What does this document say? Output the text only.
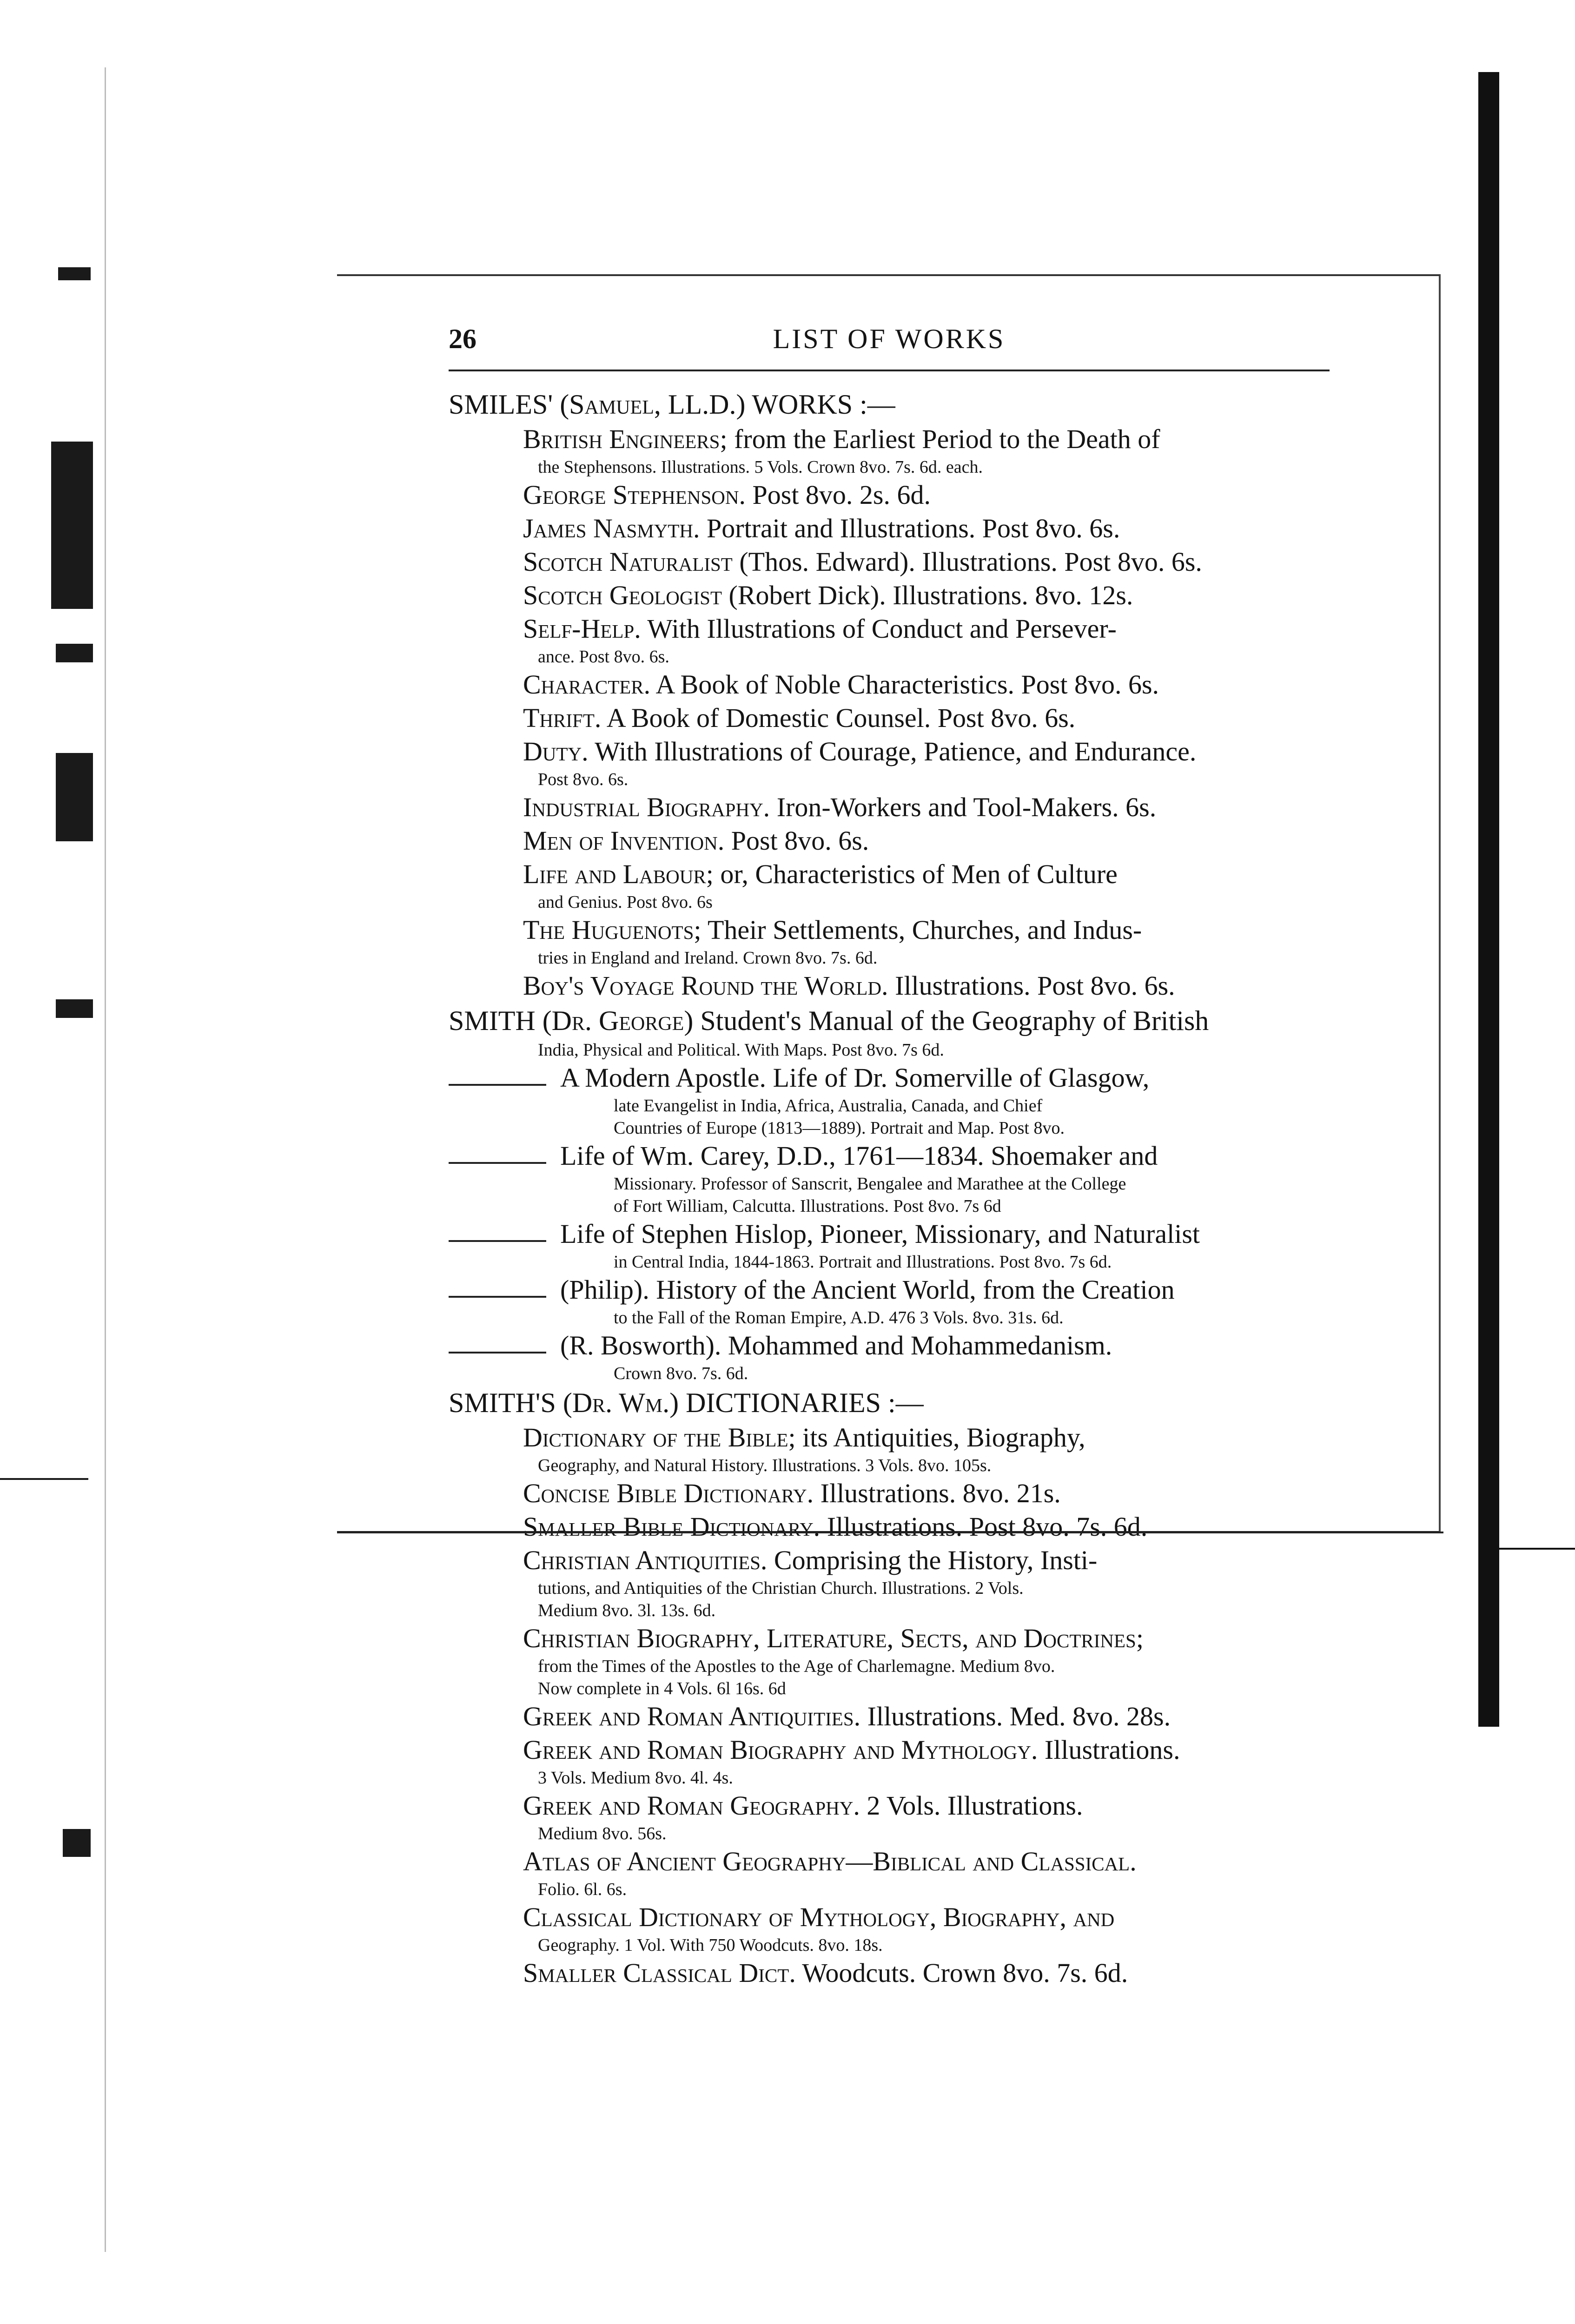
26	LIST OF WORKS
SMILES' (Samuel, LL.D.) WORKS :—
British Engineers; from the Earliest Period to the Death of
the Stephensons. Illustrations. 5 Vols. Crown 8vo. 7s. 6d. each.
George Stephenson. Post 8vo. 2s. 6d.
James Nasmyth. Portrait and Illustrations. Post 8vo. 6s.
Scotch Naturalist (Thos. Edward). Illustrations. Post 8vo. 6s.
Scotch Geologist (Robert Dick). Illustrations. 8vo. 12s.
Self-Help. With Illustrations of Conduct and Persever-
ance. Post 8vo. 6s.
Character. A Book of Noble Characteristics. Post 8vo. 6s.
Thrift. A Book of Domestic Counsel. Post 8vo. 6s.
Duty. With Illustrations of Courage, Patience, and Endurance.
Post 8vo. 6s.
Industrial Biography. Iron-Workers and Tool-Makers. 6s.
Men of Invention. Post 8vo. 6s.
Life and Labour; or, Characteristics of Men of Culture
and Genius. Post 8vo. 6s
The Huguenots; Their Settlements, Churches, and Indus-
tries in England and Ireland. Crown 8vo. 7s. 6d.
Boy's Voyage Round the World. Illustrations. Post 8vo. 6s.
SMITH (Dr. George) Student's Manual of the Geography of British
India, Physical and Political. With Maps. Post 8vo. 7s 6d.
A Modern Apostle. Life of Dr. Somerville of Glasgow,
late Evangelist in India, Africa, Australia, Canada, and Chief
Countries of Europe (1813—1889). Portrait and Map. Post 8vo.
Life of Wm. Carey, D.D., 1761—1834. Shoemaker and
Missionary. Professor of Sanscrit, Bengalee and Marathee at the College
of Fort William, Calcutta. Illustrations. Post 8vo. 7s 6d
Life of Stephen Hislop, Pioneer, Missionary, and Naturalist
in Central India, 1844-1863. Portrait and Illustrations. Post 8vo. 7s 6d.
(Philip). History of the Ancient World, from the Creation
to the Fall of the Roman Empire, A.D. 476 3 Vols. 8vo. 31s. 6d.
(R. Bosworth). Mohammed and Mohammedanism.
Crown 8vo. 7s. 6d.
SMITH'S (Dr. Wm.) DICTIONARIES :—
Dictionary of the Bible; its Antiquities, Biography,
Geography, and Natural History. Illustrations. 3 Vols. 8vo. 105s.
Concise Bible Dictionary. Illustrations. 8vo. 21s.
Smaller Bible Dictionary. Illustrations. Post 8vo. 7s. 6d.
Christian Antiquities. Comprising the History, Insti-
tutions, and Antiquities of the Christian Church. Illustrations. 2 Vols.
Medium 8vo. 3l. 13s. 6d.
Christian Biography, Literature, Sects, and Doctrines;
from the Times of the Apostles to the Age of Charlemagne. Medium 8vo.
Now complete in 4 Vols. 6l 16s. 6d
Greek and Roman Antiquities. Illustrations. Med. 8vo. 28s.
Greek and Roman Biography and Mythology. Illustrations.
3 Vols. Medium 8vo. 4l. 4s.
Greek and Roman Geography. 2 Vols. Illustrations.
Medium 8vo. 56s.
Atlas of Ancient Geography—Biblical and Classical.
Folio. 6l. 6s.
Classical Dictionary of Mythology, Biography, and
Geography. 1 Vol. With 750 Woodcuts. 8vo. 18s.
Smaller Classical Dict. Woodcuts. Crown 8vo. 7s. 6d.
